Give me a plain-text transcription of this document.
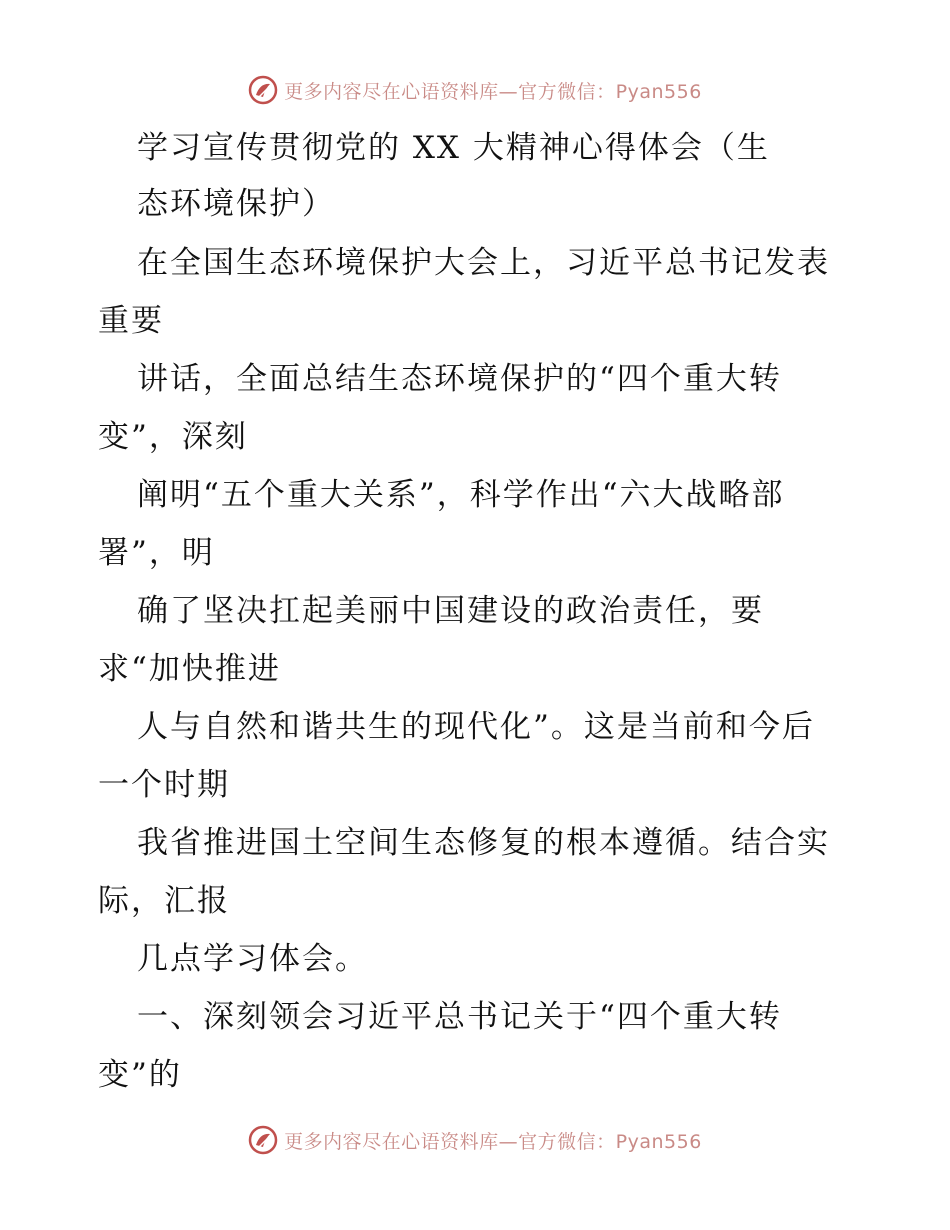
更多内容尽在心语资料库—官方微信：Pyan556
学习宣传贯彻党的 XX 大精神心得体会（生
态环境保护）
在全国生态环境保护大会上，习近平总书记发表
重要
讲话，全面总结生态环境保护的“四个重大转
变”，深刻
阐明“五个重大关系”，科学作出“六大战略部
署”，明
确了坚决扛起美丽中国建设的政治责任，要
求“加快推进
人与自然和谐共生的现代化”。这是当前和今后
一个时期
我省推进国土空间生态修复的根本遵循。结合实
际，汇报
几点学习体会。
一、深刻领会习近平总书记关于“四个重大转
变”的
更多内容尽在心语资料库—官方微信：Pyan556
